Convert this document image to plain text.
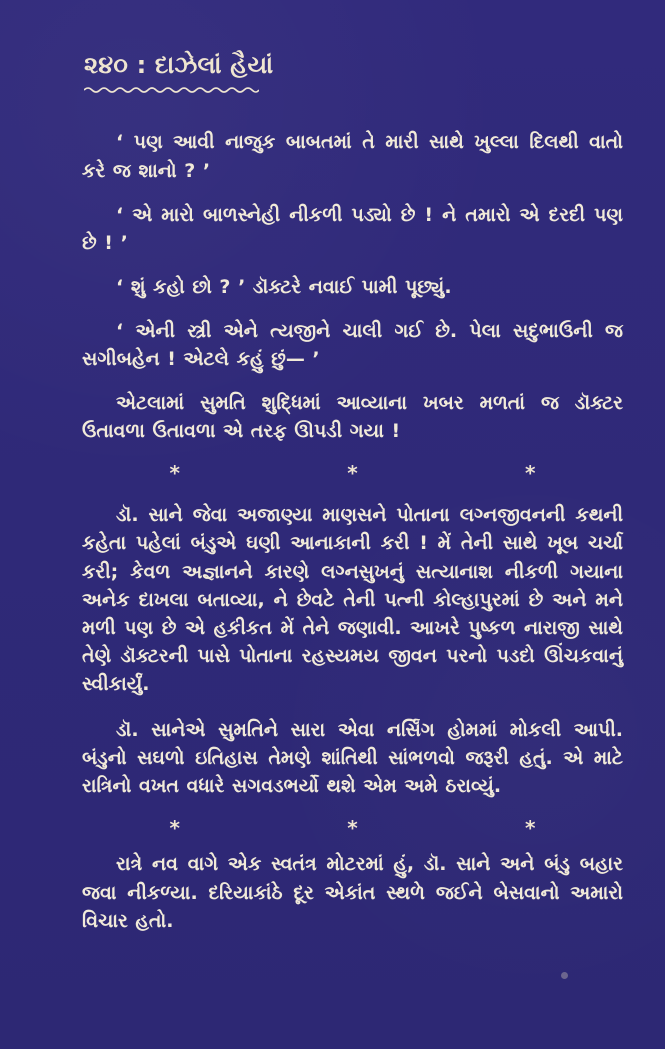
૨૪૦ : દાઝેલાં હૈયાં

‘ પણ આવી નાજુક બાબતમાં તે મારી સાથે ખુલ્લા દિલથી વાતો કરે જ શાનો ? ’

‘ એ મારો બાળસ્નેહી નીકળી પડ્યો છે ! ને તમારો એ દરદી પણ છે ! ’

‘ શું કહો છો ? ’ ડૉક્ટરે નવાઈ પામી પૂછ્યું.

‘ એની સ્ત્રી એને ત્યજીને ચાલી ગઈ છે. પેલા સદુભાઉની જ સગીબહેન ! એટલે કહું છું— ’

એટલામાં સુમતિ શુદ્ધિમાં આવ્યાના ખબર મળતાં જ ડૉક્ટર ઉતાવળા ઉતાવળા એ તરફ ઊપડી ગયા !

*	*	*

ડૉ. સાને જેવા અજાણ્યા માણસને પોતાના લગ્નજીવનની કથની કહેતા પહેલાં બંડુએ ઘણી આનાકાની કરી ! મેં તેની સાથે ખૂબ ચર્ચા કરી; કેવળ અજ્ઞાનને કારણે લગ્નસુખનું સત્યાનાશ નીકળી ગયાના અનેક દાખલા બતાવ્યા, ને છેવટે તેની પત્ની કોલ્હાપુરમાં છે અને મને મળી પણ છે એ હકીકત મેં તેને જણાવી. આખરે પુષ્કળ નારાજી સાથે તેણે ડૉક્ટરની પાસે પોતાના રહસ્યમય જીવન પરનો પડદો ઊંચકવાનું સ્વીકાર્યું.

ડૉ. સાનેએ સુમતિને સારા એવા નર્સિંગ હોમમાં મોકલી આપી. બંડુનો સઘળો ઇતિહાસ તેમણે શાંતિથી સાંભળવો જરૂરી હતું. એ માટે રાત્રિનો વખત વધારે સગવડભર્યો થશે એમ અમે ઠરાવ્યું.

*	*	*

રાત્રે નવ વાગે એક સ્વતંત્ર મોટરમાં હું, ડૉ. સાને અને બંડુ બહાર જવા નીકળ્યા. દરિયાકાંઠે દૂર એકાંત સ્થળે જઈને બેસવાનો અમારો વિચાર હતો.
